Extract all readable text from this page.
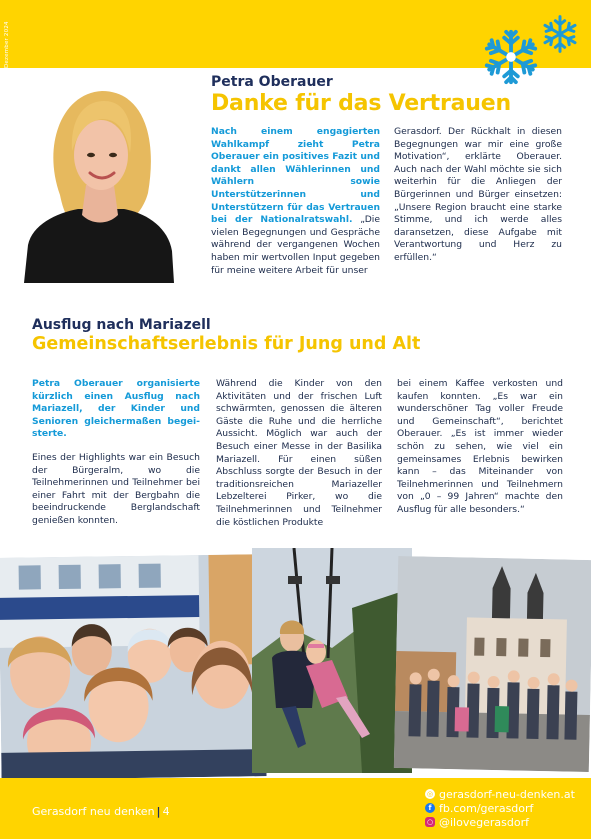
Dezember 2024
Petra Oberauer
Danke für das Vertrauen
Nach einem engagierten Wahlkampf zieht Petra Oberauer ein positives Fazit und dankt allen Wählerinnen und Wählern sowie Unterstützerinnen und Unterstützern für das Vertrauen bei der Nationalratswahl. „Die vielen Begegnungen und Gespräche während der vergangenen Wochen haben mir wertvollen Input gegeben für meine weitere Arbeit für unser
Gerasdorf. Der Rückhalt in diesen Begegnungen war mir eine große Motivation“, erklärte Oberauer. Auch nach der Wahl möchte sie sich weiterhin für die Anliegen der Bürgerinnen und Bürger einsetzen: „Unsere Region braucht eine starke Stimme, und ich werde alles daransetzen, diese Aufgabe mit Verantwortung und Herz zu erfüllen.“
Ausflug nach Mariazell
Gemeinschaftserlebnis für Jung und Alt
Petra Oberauer organisierte kürzlich einen Ausflug nach Mariazell, der Kinder und Senioren gleichermaßen begeisterte.
Eines der Highlights war ein Besuch der Bürgeralm, wo die Teilnehmerinnen und Teilnehmer bei einer Fahrt mit der Bergbahn die beeindruckende Berglandschaft genießen konnten.
Während die Kinder von den Aktivitäten und der frischen Luft schwärmten, genossen die älteren Gäste die Ruhe und die herrliche Aussicht. Möglich war auch der Besuch einer Messe in der Basilika Mariazell. Für einen süßen Abschluss sorgte der Besuch in der traditionsreichen Mariazeller Lebzelterei Pirker, wo die Teilnehmerinnen und Teilnehmer die köstlichen Produkte
bei einem Kaffee verkosten und kaufen konnten. „Es war ein wunderschöner Tag voller Freude und Gemeinschaft“, berichtet Oberauer. „Es ist immer wieder schön zu sehen, wie viel ein gemeinsames Erlebnis bewirken kann – das Miteinander von Teilnehmerinnen und Teilnehmern von „0 – 99 Jahren“ machte den Ausflug für alle besonders.“
Gerasdorf neu denken | 4
◎ gerasdorf-neu-denken.at
f fb.com/gerasdorf
○ @ilovegerasdorf
